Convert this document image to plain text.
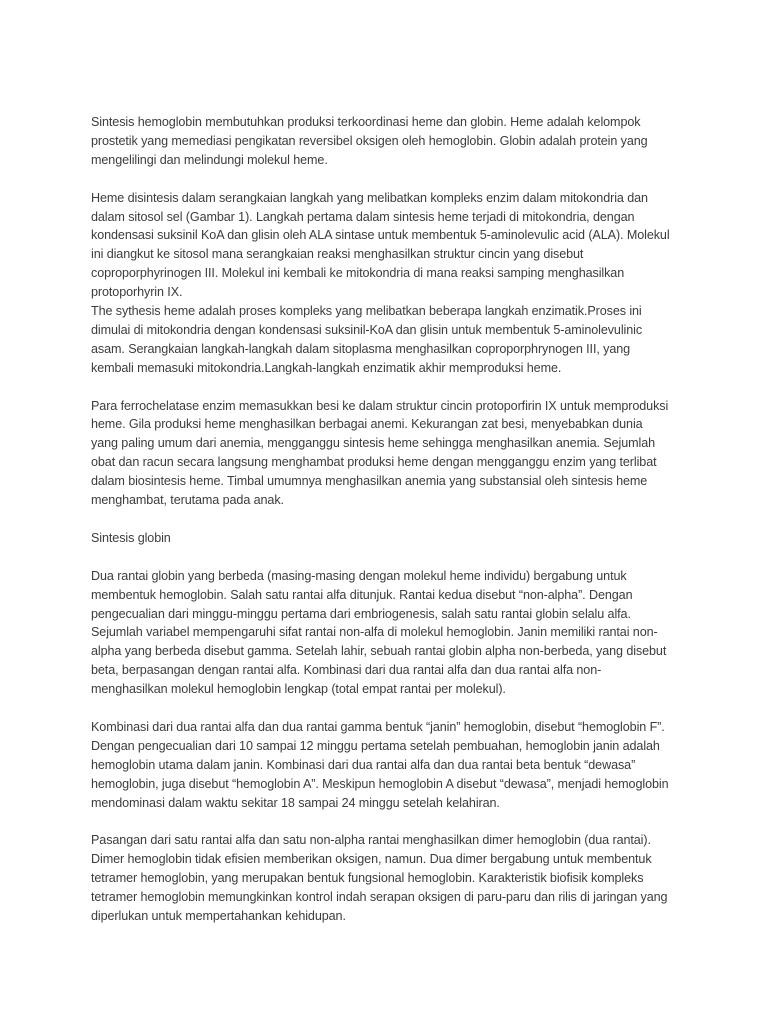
Sintesis hemoglobin membutuhkan produksi terkoordinasi heme dan globin. Heme adalah kelompok
prostetik yang memediasi pengikatan reversibel oksigen oleh hemoglobin. Globin adalah protein yang
mengelilingi dan melindungi molekul heme.

Heme disintesis dalam serangkaian langkah yang melibatkan kompleks enzim dalam mitokondria dan
dalam sitosol sel (Gambar 1). Langkah pertama dalam sintesis heme terjadi di mitokondria, dengan
kondensasi suksinil KoA dan glisin oleh ALA sintase untuk membentuk 5-aminolevulic acid (ALA). Molekul
ini diangkut ke sitosol mana serangkaian reaksi menghasilkan struktur cincin yang disebut
coproporphyrinogen III. Molekul ini kembali ke mitokondria di mana reaksi samping menghasilkan
protoporhyrin IX.

The sythesis heme adalah proses kompleks yang melibatkan beberapa langkah enzimatik.Proses ini
dimulai di mitokondria dengan kondensasi suksinil-KoA dan glisin untuk membentuk 5-aminolevulinic
asam. Serangkaian langkah-langkah dalam sitoplasma menghasilkan coproporphrynogen III, yang
kembali memasuki mitokondria.Langkah-langkah enzimatik akhir memproduksi heme.

Para ferrochelatase enzim memasukkan besi ke dalam struktur cincin protoporfirin IX untuk memproduksi
heme. Gila produksi heme menghasilkan berbagai anemi. Kekurangan zat besi, menyebabkan dunia
yang paling umum dari anemia, mengganggu sintesis heme sehingga menghasilkan anemia. Sejumlah
obat dan racun secara langsung menghambat produksi heme dengan mengganggu enzim yang terlibat
dalam biosintesis heme. Timbal umumnya menghasilkan anemia yang substansial oleh sintesis heme
menghambat, terutama pada anak.

Sintesis globin

Dua rantai globin yang berbeda (masing-masing dengan molekul heme individu) bergabung untuk
membentuk hemoglobin. Salah satu rantai alfa ditunjuk. Rantai kedua disebut “non-alpha”. Dengan
pengecualian dari minggu-minggu pertama dari embriogenesis, salah satu rantai globin selalu alfa.
Sejumlah variabel mempengaruhi sifat rantai non-alfa di molekul hemoglobin. Janin memiliki rantai non-
alpha yang berbeda disebut gamma. Setelah lahir, sebuah rantai globin alpha non-berbeda, yang disebut
beta, berpasangan dengan rantai alfa. Kombinasi dari dua rantai alfa dan dua rantai alfa non-
menghasilkan molekul hemoglobin lengkap (total empat rantai per molekul).

Kombinasi dari dua rantai alfa dan dua rantai gamma bentuk “janin” hemoglobin, disebut “hemoglobin F”.
Dengan pengecualian dari 10 sampai 12 minggu pertama setelah pembuahan, hemoglobin janin adalah
hemoglobin utama dalam janin. Kombinasi dari dua rantai alfa dan dua rantai beta bentuk “dewasa”
hemoglobin, juga disebut “hemoglobin A”. Meskipun hemoglobin A disebut “dewasa”, menjadi hemoglobin
mendominasi dalam waktu sekitar 18 sampai 24 minggu setelah kelahiran.

Pasangan dari satu rantai alfa dan satu non-alpha rantai menghasilkan dimer hemoglobin (dua rantai).
Dimer hemoglobin tidak efisien memberikan oksigen, namun. Dua dimer bergabung untuk membentuk
tetramer hemoglobin, yang merupakan bentuk fungsional hemoglobin. Karakteristik biofisik kompleks
tetramer hemoglobin memungkinkan kontrol indah serapan oksigen di paru-paru dan rilis di jaringan yang
diperlukan untuk mempertahankan kehidupan.
